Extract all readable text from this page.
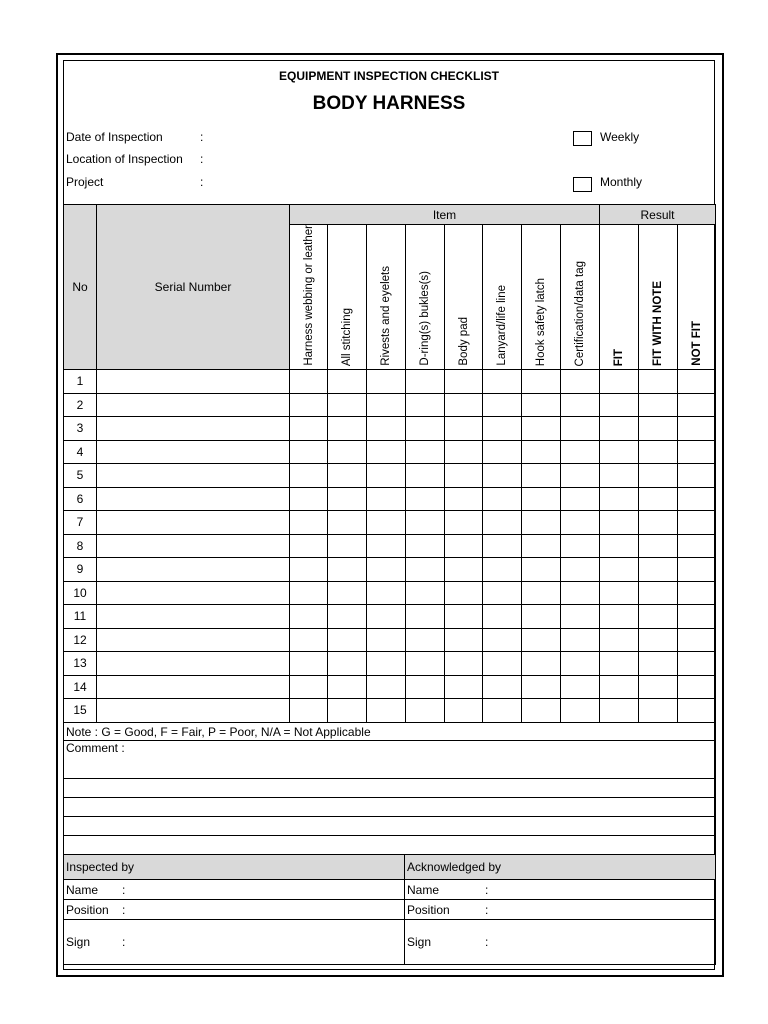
EQUIPMENT INSPECTION CHECKLIST
BODY HARNESS
Date of Inspection	:
Location of Inspection :
Project	:
Weekly
Monthly
No	Serial Number	Item								Result		

		Harness webbing or leather	All stitching	Rivests and eyelets	D-ring(s) bukles(s)	Body pad	Lanyard/life line	Hook safety latch	Certification/data tag	FIT	FIT WITH NOTE	NOT FIT

1												
2												
3												
4												
5												
6												
7												
8												
9												
10												
11												
12												
13												
14												
15												
Note : G = Good, F = Fair, P = Poor, N/A = Not Applicable	
Comment :	

Inspected by	Acknowledged by
Name :	Name :
Position :	Position :
Sign :	Sign :
